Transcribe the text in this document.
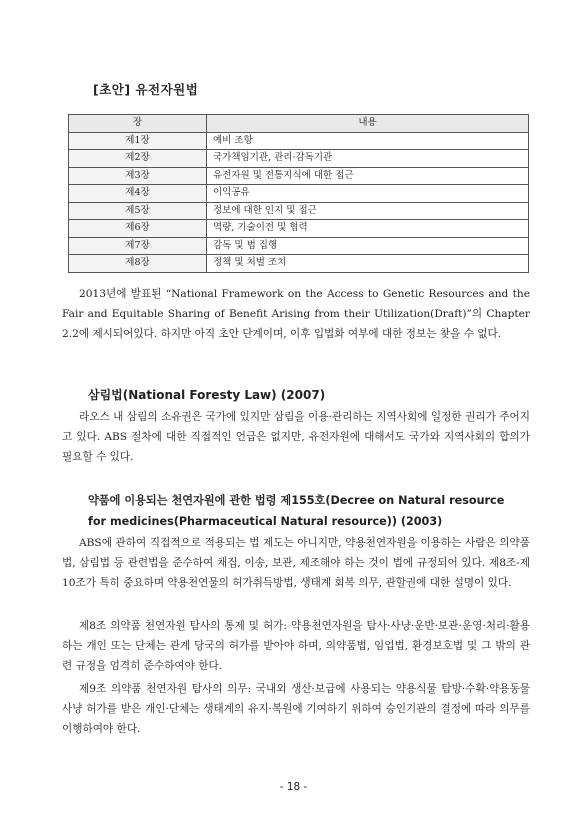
[초안] 유전자원법
장	내용
제1장	예비 조항
제2장	국가책임기관, 관리·감독기관
제3장	유전자원 및 전통지식에 대한 접근
제4장	이익공유
제5장	정보에 대한 인지 및 접근
제6장	역량, 기술이전 및 협력
제7장	감독 및 법 집행
제8장	정책 및 처벌 조치

2013년에 발표된 “National Framework on the Access to Genetic Resources and the Fair and Equitable Sharing of Benefit Arising from their Utilization(Draft)”의 Chapter 2.2에 제시되어있다. 하지만 아직 초안 단계이며, 이후 입법화 여부에 대한 정보는 찾을 수 없다.

삼림법(National Foresty Law) (2007)

라오스 내 삼림의 소유권은 국가에 있지만 삼림을 이용·관리하는 지역사회에 일정한 권리가 주어지고 있다. ABS 절차에 대한 직접적인 언급은 없지만, 유전자원에 대해서도 국가와 지역사회의 합의가 필요할 수 있다.

약품에 이용되는 천연자원에 관한 법령 제155호(Decree on Natural resource
for medicines(Pharmaceutical Natural resource)) (2003)

ABS에 관하여 직접적으로 적용되는 법 제도는 아니지만, 약용천연자원을 이용하는 사람은 의약품법, 삼림법 등 관련법을 준수하여 채집, 이송, 보관, 제조해야 하는 것이 법에 규정되어 있다. 제8조-제10조가 특히 중요하며 약용천연물의 허가취득방법, 생태계 회복 의무, 관할권에 대한 설명이 있다.

제8조 의약품 천연자원 탐사의 통제 및 허가: 약용천연자원을 탐사·사냥·운반·보관·운영·처리·활용하는 개인 또는 단체는 관계 당국의 허가를 받아야 하며, 의약품법, 임업법, 환경보호법 및 그 밖의 관련 규정을 엄격히 준수하여야 한다.

제9조 의약품 천연자원 탐사의 의무: 국내외 생산·보급에 사용되는 약용식물 탐방·수확·약용동물 사냥 허가를 받은 개인·단체는 생태계의 유지·복원에 기여하기 위하여 승인기관의 결정에 따라 의무를 이행하여야 한다.

- 18 -
